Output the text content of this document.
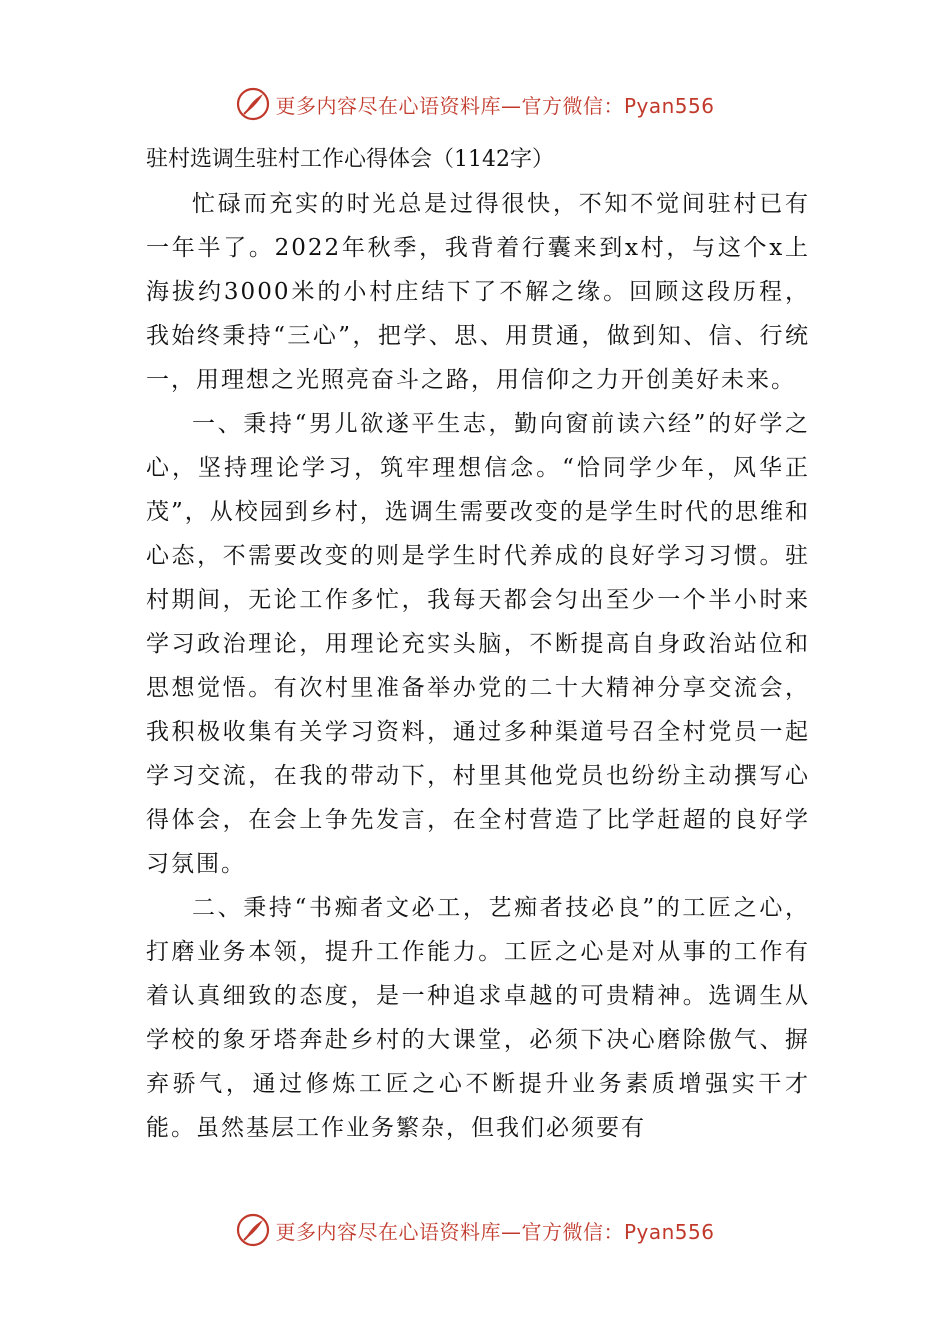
更多内容尽在心语资料库—官方微信：Pyan556
驻村选调生驻村工作心得体会（1142字）

忙碌而充实的时光总是过得很快，不知不觉间驻村已有一年半了。2022年秋季，我背着行囊来到x村，与这个x上海拔约3000米的小村庄结下了不解之缘。回顾这段历程，我始终秉持“三心”，把学、思、用贯通，做到知、信、行统一，用理想之光照亮奋斗之路，用信仰之力开创美好未来。

一、秉持“男儿欲遂平生志，勤向窗前读六经”的好学之心，坚持理论学习，筑牢理想信念。“恰同学少年，风华正茂”，从校园到乡村，选调生需要改变的是学生时代的思维和心态，不需要改变的则是学生时代养成的良好学习习惯。驻村期间，无论工作多忙，我每天都会匀出至少一个半小时来学习政治理论，用理论充实头脑，不断提高自身政治站位和思想觉悟。有次村里准备举办党的二十大精神分享交流会，我积极收集有关学习资料，通过多种渠道号召全村党员一起学习交流，在我的带动下，村里其他党员也纷纷主动撰写心得体会，在会上争先发言，在全村营造了比学赶超的良好学习氛围。

二、秉持“书痴者文必工，艺痴者技必良”的工匠之心，打磨业务本领，提升工作能力。工匠之心是对从事的工作有着认真细致的态度，是一种追求卓越的可贵精神。选调生从学校的象牙塔奔赴乡村的大课堂，必须下决心磨除傲气、摒弃骄气，通过修炼工匠之心不断提升业务素质增强实干才能。虽然基层工作业务繁杂，但我们必须要有

更多内容尽在心语资料库—官方微信：Pyan556
